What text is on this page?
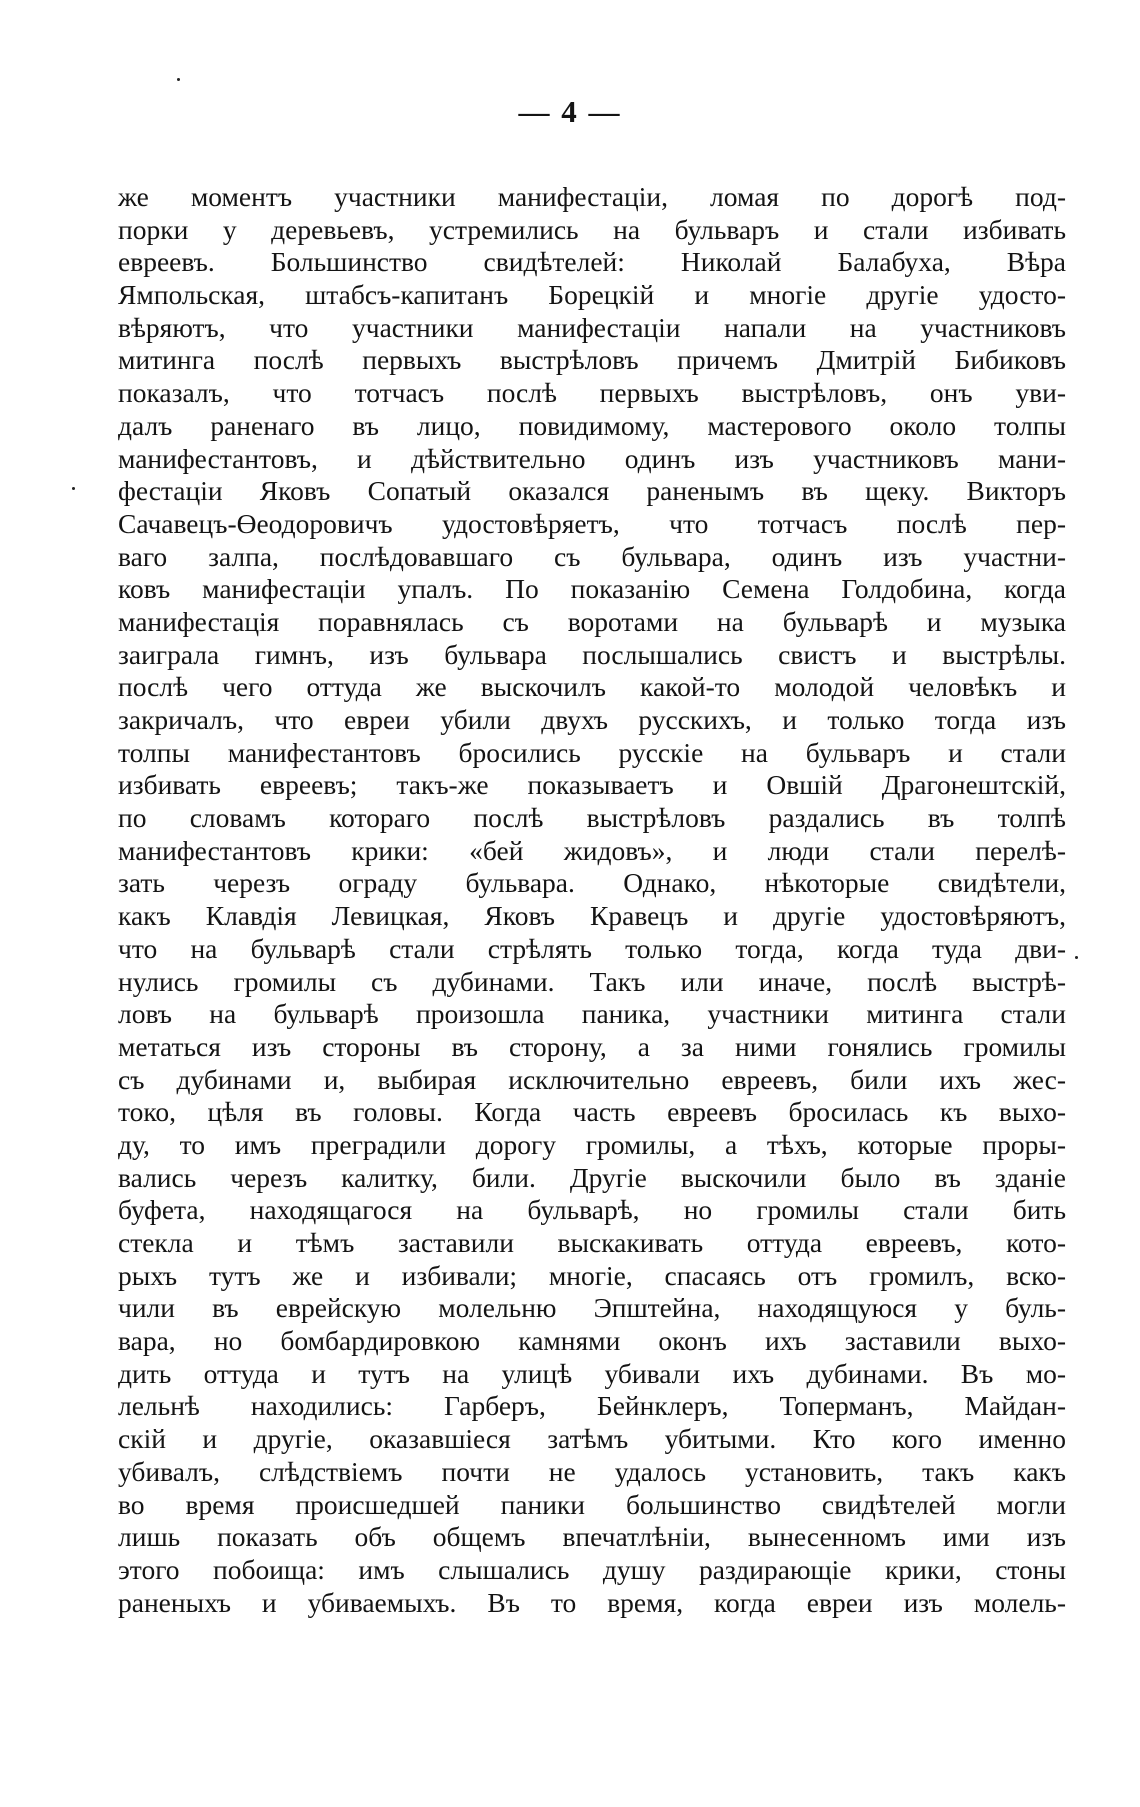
— 4 —
же моментъ участники манифестаціи, ломая по дорогѣ под-
порки у деревьевъ, устремились на бульваръ и стали избивать
евреевъ. Большинство свидѣтелей: Николай Балабуха, Вѣра
Ямпольская, штабсъ-капитанъ Борецкій и многіе другіе удосто-
вѣряютъ, что участники манифестаціи напали на участниковъ
митинга послѣ первыхъ выстрѣловъ причемъ Дмитрій Бибиковъ
показалъ, что тотчасъ послѣ первыхъ выстрѣловъ, онъ уви-
далъ раненаго въ лицо, повидимому, мастерового около толпы
манифестантовъ, и дѣйствительно одинъ изъ участниковъ мани-
фестаціи Яковъ Сопатый оказался раненымъ въ щеку. Викторъ
Сачавецъ-Өеодоровичъ удостовѣряетъ, что тотчасъ послѣ пер-
ваго залпа, послѣдовавшаго съ бульвара, одинъ изъ участни-
ковъ манифестаціи упалъ. По показанію Семена Голдобина, когда
манифестація поравнялась съ воротами на бульварѣ и музыка
заиграла гимнъ, изъ бульвара послышались свистъ и выстрѣлы.
послѣ чего оттуда же выскочилъ какой-то молодой человѣкъ и
закричалъ, что евреи убили двухъ русскихъ, и только тогда изъ
толпы манифестантовъ бросились русскіе на бульваръ и стали
избивать евреевъ; такъ-же показываетъ и Овшій Драгонештскій,
по словамъ котораго послѣ выстрѣловъ раздались въ толпѣ
манифестантовъ крики: «бей жидовъ», и люди стали перелѣ-
зать черезъ ограду бульвара. Однако, нѣкоторые свидѣтели,
какъ Клавдія Левицкая, Яковъ Кравецъ и другіе удостовѣряютъ,
что на бульварѣ стали стрѣлять только тогда, когда туда дви-
нулись громилы съ дубинами. Такъ или иначе, послѣ выстрѣ-
ловъ на бульварѣ произошла паника, участники митинга стали
метаться изъ стороны въ сторону, а за ними гонялись громилы
съ дубинами и, выбирая исключительно евреевъ, били ихъ жес-
токо, цѣля въ головы. Когда часть евреевъ бросилась къ выхо-
ду, то имъ преградили дорогу громилы, а тѣхъ, которые проры-
вались черезъ калитку, били. Другіе выскочили было въ зданіе
буфета, находящагося на бульварѣ, но громилы стали бить
стекла и тѣмъ заставили выскакивать оттуда евреевъ, кото-
рыхъ тутъ же и избивали; многіе, спасаясь отъ громилъ, вско-
чили въ еврейскую молельню Эпштейна, находящуюся у буль-
вара, но бомбардировкою камнями оконъ ихъ заставили выхо-
дить оттуда и тутъ на улицѣ убивали ихъ дубинами. Въ мо-
лельнѣ находились: Гарберъ, Бейнклеръ, Топерманъ, Майдан-
скій и другіе, оказавшіеся затѣмъ убитыми. Кто кого именно
убивалъ, слѣдствіемъ почти не удалось установить, такъ какъ
во время происшедшей паники большинство свидѣтелей могли
лишь показать объ общемъ впечатлѣніи, вынесенномъ ими изъ
этого побоища: имъ слышались душу раздирающіе крики, стоны
раненыхъ и убиваемыхъ. Въ то время, когда евреи изъ молель-
